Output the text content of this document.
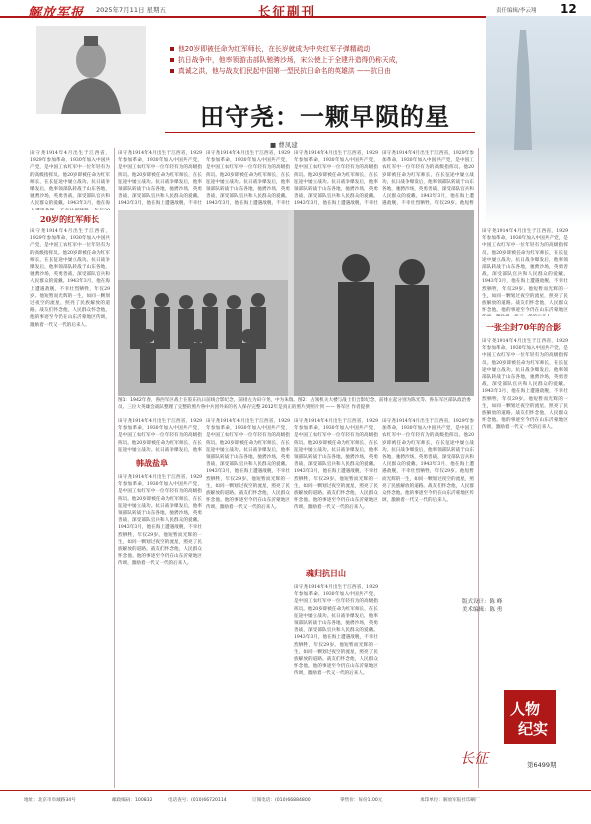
解放军报 2025年7月11日 星期五	长征副刊	责任编辑/李云翔 12
他20岁即被任命为红军师长，在长岁就成为中央红军子弹精疏动
抗日战争中，他率领游击部队驰骋沙场，宋公使上于全建升造得仍称天成，
真诚之洪，他与战友们民起中国第一型民抗日命名的英雄洪 ——抗日由
田守尧：一颗早陨的星
■ 曹凤建
田守尧1914年4月出生于江西省，1929年参加革命，1930年加入中国共产党，是中国工农红军中一位年轻有为的高级指挥员。他20岁即被任命为红军师长，在长征途中屡立战功。抗日战争爆发后，他率领部队转战于山东各地，驰骋沙场，英勇善战，深受部队官兵和人民群众的爱戴。1943年3月，他在海
20岁的红军师长
田守尧1914年4月出生于江西省，1929年参加革命，1930年加入中国共产党，是中国工农红军中一位年轻有为的高级指挥员。他20岁即被任命为红军师长，在长征途中屡立战功。抗日战争爆发后，他率领部队转战于山东各地，驰骋沙场，英勇善战，深受部队官兵和人民群众的爱戴。1943年3月，他在海上遭遇敌舰，不幸壮烈牺牲，年仅29岁。他短暂而光辉的一生，如同一颗划过夜空的流星，照亮了民族解放的道路。战友们怀念他，人民群众怀念他。他的事迹至今仍在山东沂蒙地区传颂，激励着一代又一代的后来人。
田守尧1914年4月出生于江西省，1929年参加革命，1930年加入中国共产党，是中国工农红军中一位年轻有为的高级指挥员。他20岁即被任命为红军师长，在长征途中屡立战功。抗日战争爆发后，他率领部队转战于山东各地，驰骋沙场，英勇善战，深受部队官兵和人民群众的爱戴。1943年3月，他在海上遭遇敌舰，不幸壮
田守尧1914年4月出生于江西省，1929年参加革命，1930年加入中国共产党，是中国工农红军中一位年轻有为的高级指挥员。他20岁即被任命为红军师长，在长征途中屡立战功。抗日战争爆发后，他率领部队转战于山东各地，驰骋沙场，英勇善战，深受部队官兵和人民群众的爱戴。1943年3月，他在海上遭遇敌舰，不幸壮
田守尧1914年4月出生于江西省，1929年参加革命，1930年加入中国共产党，是中国工农红军中一位年轻有为的高级指挥员。他20岁即被任命为红军师长，在长征途中屡立战功。抗日战争爆发后，他率领部队转战于山东各地，驰骋沙场，英勇善战，深受部队官兵和人民群众的爱戴。1943年3月，他在海上遭遇敌舰，不幸壮
田守尧1914年4月出生于江西省，1929年参加革命，1930年加入中国共产党，是中国工农红军中一位年轻有为的高级指挥员。他20岁即被任命为红军师长，在长征途中屡立战功。抗日战争爆发后，他率领部队转战于山东各地，驰骋沙场，英勇善战，深受部队官兵和人民群众的爱戴。1943年3月，他在海上遭遇敌舰，不幸壮烈牺牲，年仅29岁。他短暂
图1：1942年春，鲁西军区战士在胶东抗日前线合影纪念，前排左为田守尧、中为朱瑞。图2：占领机关大楼与战士们合影纪念，前排左起分别为陈光等、鲁东军区部队政治委员、三位大英雄会战队整理了完整的照片鲁中兵团外来的名人保存完整 2012年是真正的照片到照片到 —— 鲁军区 作者提供
田守尧1914年4月出生于江西省，1929年参加革命，1930年加入中国共产党，是中国工农红军中一位年轻有为的高级指挥员。他20岁即被任命为红军师长，在长征途中屡立战功。抗日战争爆发后，他率
韩战盐阜
田守尧1914年4月出生于江西省，1929年参加革命，1930年加入中国共产党，是中国工农红军中一位年轻有为的高级指挥员。他20岁即被任命为红军师长，在长征途中屡立战功。抗日战争爆发后，他率领部队转战于山东各地，驰骋沙场，英勇善战，深受部队官兵和人民群众的爱戴。1943年3月，他在海上遭遇敌舰，不幸壮烈牺牲，年仅29岁。他短暂而光辉的一生，如同一颗划过夜空的流星，照亮了民族解放的道路。战友们怀念他，人民群众怀念他。他的事迹至今仍在山东沂蒙地区传颂，激励着一代又一代的后来人。
田守尧1914年4月出生于江西省，1929年参加革命，1930年加入中国共产党，是中国工农红军中一位年轻有为的高级指挥员。他20岁即被任命为红军师长，在长征途中屡立战功。抗日战争爆发后，他率领部队转战于山东各地，驰骋沙场，英勇善战，深受部队官兵和人民群众的爱戴。1943年3月，他在海上遭遇敌舰，不幸壮烈牺牲，年仅29岁。他短暂而光辉的一生，如同一颗划过夜空的流星，照亮了民族解放的道路。战友们怀念他，人民群众怀念他。他的事迹至今仍在山东沂蒙地区传颂，激励着一代又一代的后来人。
田守尧1914年4月出生于江西省，1929年参加革命，1930年加入中国共产党，是中国工农红军中一位年轻有为的高级指挥员。他20岁即被任命为红军师长，在长征途中屡立战功。抗日战争爆发后，他率领部队转战于山东各地，驰骋沙场，英勇善战，深受部队官兵和人民群众的爱戴。1943年3月，他在海上遭遇敌舰，不幸壮烈牺牲，年仅29岁。他短暂而光辉的一生，如同一颗划过夜空的流星，照亮了民族解放的道路。战友们怀念他，人民群众怀念他。他的事迹至今仍在山东沂蒙地区传颂，激励着一代又一代的后来人。
魂归抗日山
田守尧1914年4月出生于江西省，1929年参加革命，1930年加入中国共产党，是中国工农红军中一位年轻有为的高级指挥员。他20岁即被任命为红军师长，在长征途中屡立战功。抗日战争爆发后，他率领部队转战于山东各地，驰骋沙场，英勇善战，深受部队官兵和人民群众的爱戴。1943年3月，他在海上遭遇敌舰，不幸壮烈牺牲，年仅29岁。他短暂而光辉的一生，如同一颗划过夜空的流星，照亮了民族解放的道路。战友们怀念他，人民群众怀念他。他的事迹至今仍在山东沂蒙地区传颂，激励着一代又一代的后来人。
田守尧1914年4月出生于江西省，1929年参加革命，1930年加入中国共产党，是中国工农红军中一位年轻有为的高级指挥员。他20岁即被任命为红军师长，在长征途中屡立战功。抗日战争爆发后，他率领部队转战于山东各地，驰骋沙场，英勇善战，深受部队官兵和人民群众的爱戴。1943年3月，他在海上遭遇敌舰，不幸壮烈牺牲，年仅29岁。他短暂而光辉的一生，如同一颗划过夜空的流星，照亮了民族解放的道路。战友们怀念他，人民群众怀念他。他的事迹至今仍在山东沂蒙地区传颂，激励着一代又一代的后来人。
田守尧1914年4月出生于江西省，1929年参加革命，1930年加入中国共产党，是中国工农红军中一位年轻有为的高级指挥员。他20岁即被任命为红军师长，在长征途中屡立战功。抗日战争爆发后，他率领部队转战于山东各地，驰骋沙场，英勇善战，深受部队官兵和人民群众的爱戴。1943年3月，他在海上遭遇敌舰，不幸壮烈牺牲，年仅29岁。他短暂而光辉的一生，如同一颗划过夜空的流星，照亮了民族解放的道路。战友们怀念他，人民群众怀念他。他的事迹至今仍在山东沂蒙地区
一张尘封70年的合影
田守尧1914年4月出生于江西省，1929年参加革命，1930年加入中国共产党，是中国工农红军中一位年轻有为的高级指挥员。他20岁即被任命为红军师长，在长征途中屡立战功。抗日战争爆发后，他率领部队转战于山东各地，驰骋沙场，英勇善战，深受部队官兵和人民群众的爱戴。1943年3月，他在海上遭遇敌舰，不幸壮烈牺牲，年仅29岁。他短暂而光辉的一生，如同一颗划过夜空的流星，照亮了民族解放的道路。战友们怀念他，人民群众怀念他。他的事迹至今仍在山东沂蒙地区传颂，激励着一代又一代的后来人。
版式设计：陈 峰
美术编辑：陈 勇
人物
纪实
长征	第6499期
地址：北京市阜城路34号	邮政编码：100832	电话查号：(010)66720114	订阅电话：(010)66884800	零售价：每份1.00元	承印单位：解放军报社印刷厂
